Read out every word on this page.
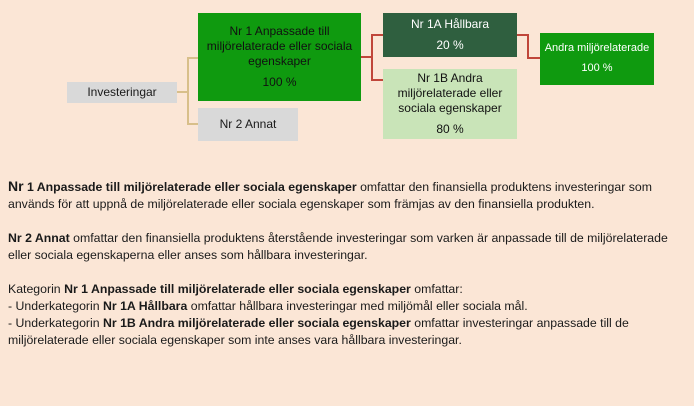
Investeringar
Nr 1 Anpassade till miljörelaterade eller sociala egenskaper
100 %
Nr 2 Annat
Nr 1A Hållbara
20 %
Nr 1B Andra miljörelaterade eller sociala egenskaper
80 %
Andra miljörelaterade
100 %

Nr 1 Anpassade till miljörelaterade eller sociala egenskaper omfattar den finansiella produktens investeringar som används för att uppnå de miljörelaterade eller sociala egenskaper som främjas av den finansiella produkten.

Nr 2 Annat omfattar den finansiella produktens återstående investeringar som varken är anpassade till de miljörelaterade eller sociala egenskaperna eller anses som hållbara investeringar.

Kategorin Nr 1 Anpassade till miljörelaterade eller sociala egenskaper omfattar:
- Underkategorin Nr 1A Hållbara omfattar hållbara investeringar med miljömål eller sociala mål.
- Underkategorin Nr 1B Andra miljörelaterade eller sociala egenskaper omfattar investeringar anpassade till de miljörelaterade eller sociala egenskaper som inte anses vara hållbara investeringar.
